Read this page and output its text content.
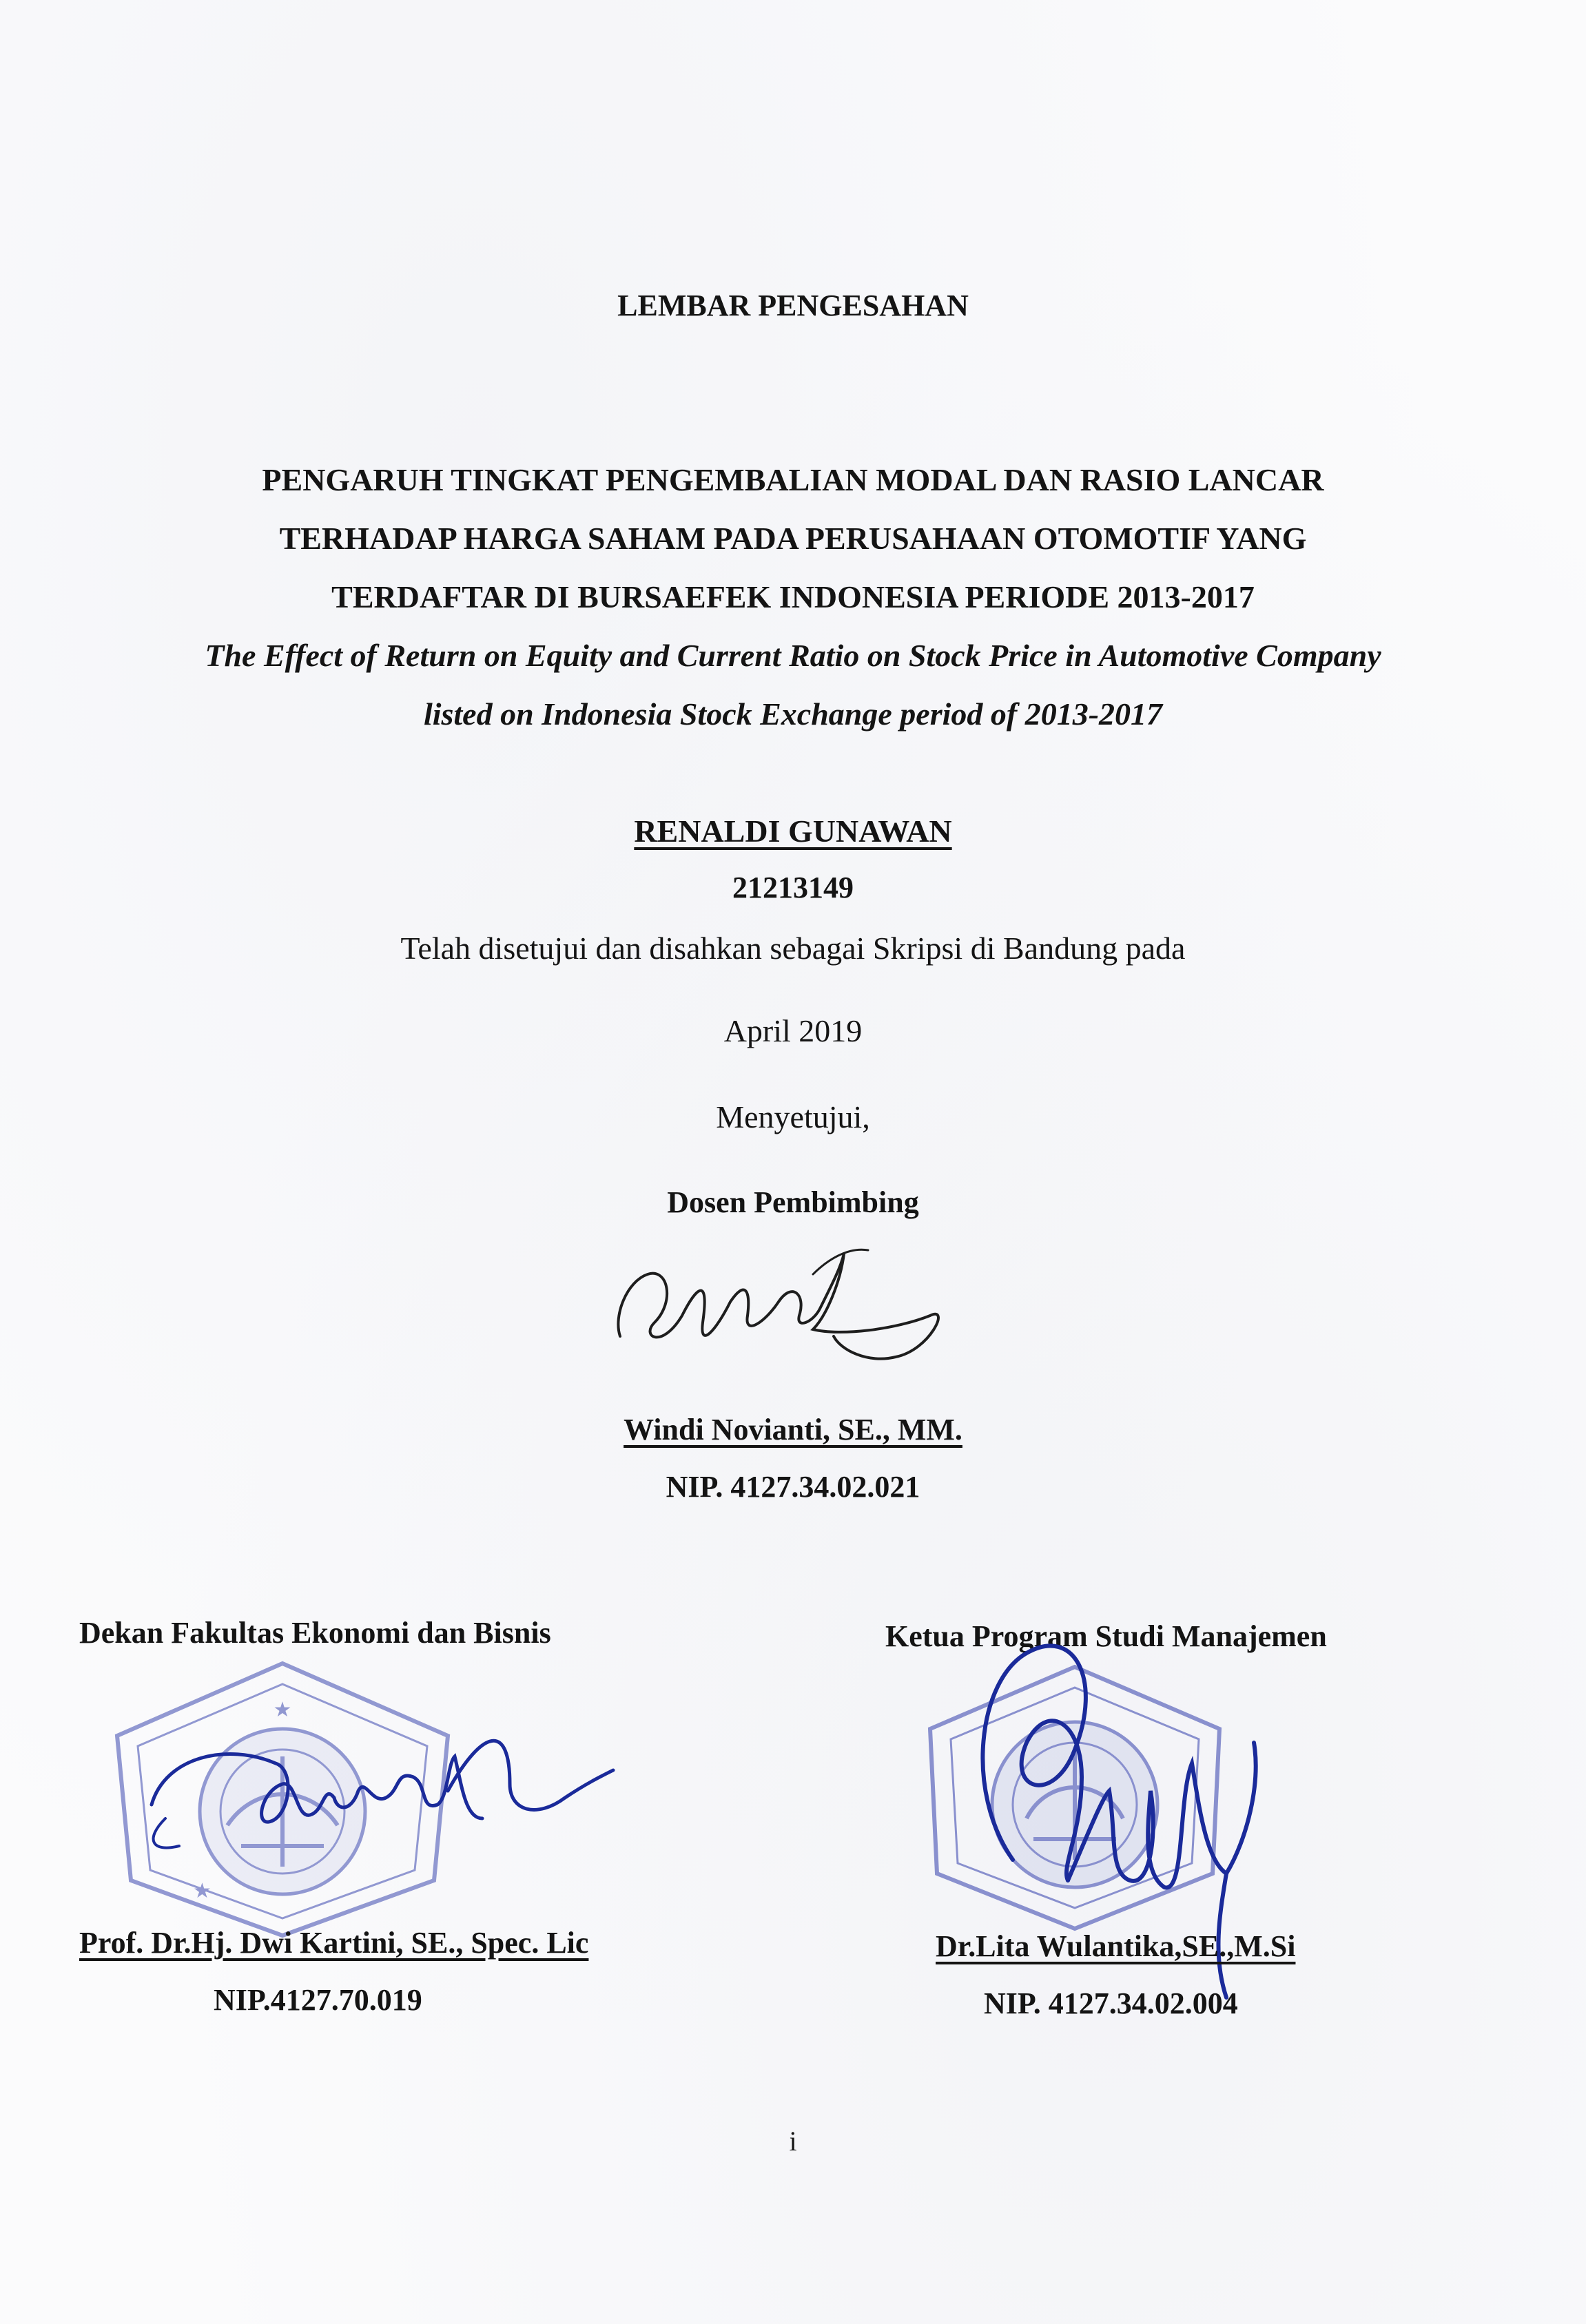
LEMBAR PENGESAHAN
PENGARUH TINGKAT PENGEMBALIAN MODAL DAN RASIO LANCAR
TERHADAP HARGA SAHAM PADA PERUSAHAAN OTOMOTIF YANG
TERDAFTAR DI BURSAEFEK INDONESIA PERIODE 2013-2017
The Effect of Return on Equity and Current Ratio on Stock Price in Automotive Company
listed on Indonesia Stock Exchange period of 2013-2017
RENALDI GUNAWAN
21213149
Telah disetujui dan disahkan sebagai Skripsi di Bandung pada
April 2019
Menyetujui,
Dosen Pembimbing
Windi Novianti, SE., MM.
NIP. 4127.34.02.021
Dekan Fakultas Ekonomi dan Bisnis
★
★
Prof. Dr.Hj. Dwi Kartini, SE., Spec. Lic
NIP.4127.70.019
Ketua Program Studi Manajemen
Dr.Lita Wulantika,SE.,M.Si
NIP. 4127.34.02.004
i
